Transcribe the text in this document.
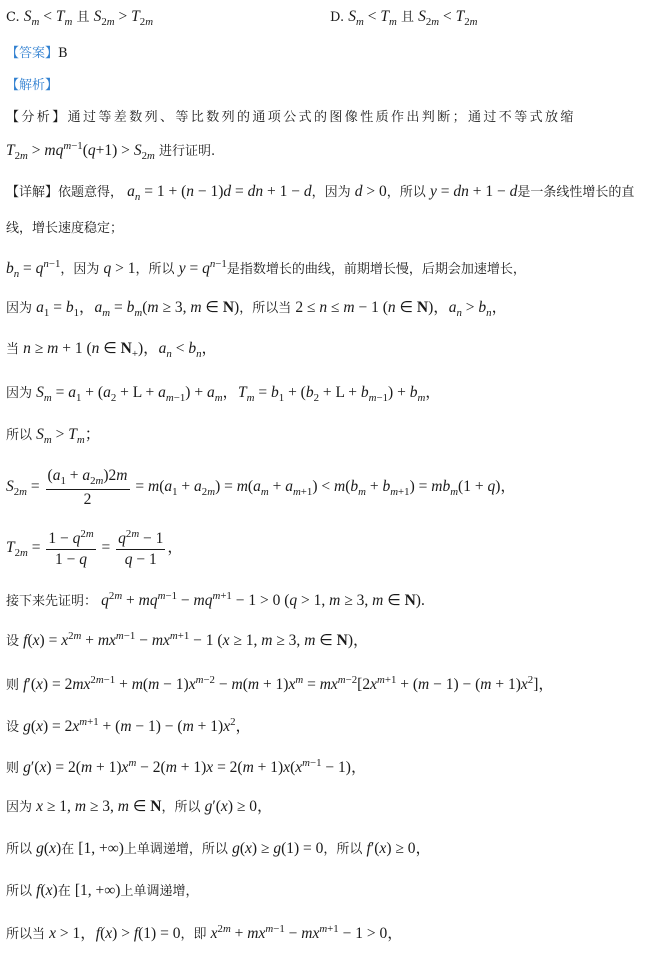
C. $S_m < T_m$ 且 $S_{2m} > T_{2m}$	D. $S_m < T_m$ 且 $S_{2m} < T_{2m}$
【答案】B
【解析】
【分析】通过等差数列、等比数列的通项公式的图像性质作出判断；通过不等式放缩
$T_{2m} > mq^{m-1}(q+1) > S_{2m}$ 进行证明.
【详解】依题意得， $a_n = 1 + (n - 1)d$ = dn + 1 − d，因为 d > 0，所以 y = dn + 1 − d是一条线性增长的直
线，增长速度稳定；
$b_n = q^{n-1}$，因为 q > 1，所以 $y = q^{n-1}$是指数增长的曲线，前期增长慢，后期会加速增长，
因为 $a_1 = b_1$，$a_m = b_m(m \ge 3$, m ∈ N)，所以当 2 ≤ n ≤ m − 1 (n ∈ N)，$a_n > b_n$，
当 n ≥ m + 1 (n ∈ $N_+$)，$a_n < b_n$，
因为 $S_m = a_1 + (a_2 + L + a_{m-1}) + a_m$，$T_m = b_1 + (b_2 + L + b_{m-1}) + b_m$，
所以 $S_m > T_m$；
$S_{2m} = \frac{(a_1 + a_{2m})2m}{2} = m(a_1 + a_{2m}) = m(a_m + a_{m+1}) < m(b_m + b_{m+1}) = mb_m(1 + q)$，
$T_{2m} = \frac{1 - q^{2m}}{1 - q} = \frac{q^{2m} - 1}{q - 1}$ ，
接下来先证明： $q^{2m} + mq^{m-1} - mq^{m+1} - 1 > 0$ (q > 1, m ≥ 3, m ∈ N).
设 $f(x) = x^{2m} + mx^{m-1} - mx^{m+1} - 1$ (x ≥ 1, m ≥ 3, m ∈ N)，
则 $f'(x) = 2mx^{2m-1} + m(m - 1)x^{m-2} - m(m + 1)x^m = mx^{m-2}[2x^{m+1} + (m - 1) - (m + 1)x^2]$，
设 $g(x) = 2x^{m+1} + (m - 1) - (m + 1)x^2$，
则 $g'(x) = 2(m + 1)x^m - 2(m + 1)x = 2(m + 1)x(x^{m-1} - 1)$，
因为 x ≥ 1, m ≥ 3, m ∈ N，所以 g′(x) ≥ 0，
所以 g(x)在 [1, +∞)上单调递增，所以 g(x) ≥ g(1) = 0，所以 f′(x) ≥ 0，
所以 f(x)在 [1, +∞)上单调递增，
所以当 x > 1，f(x) > f(1) = 0，即 $x^{2m} + mx^{m-1} - mx^{m+1} - 1 > 0$，
